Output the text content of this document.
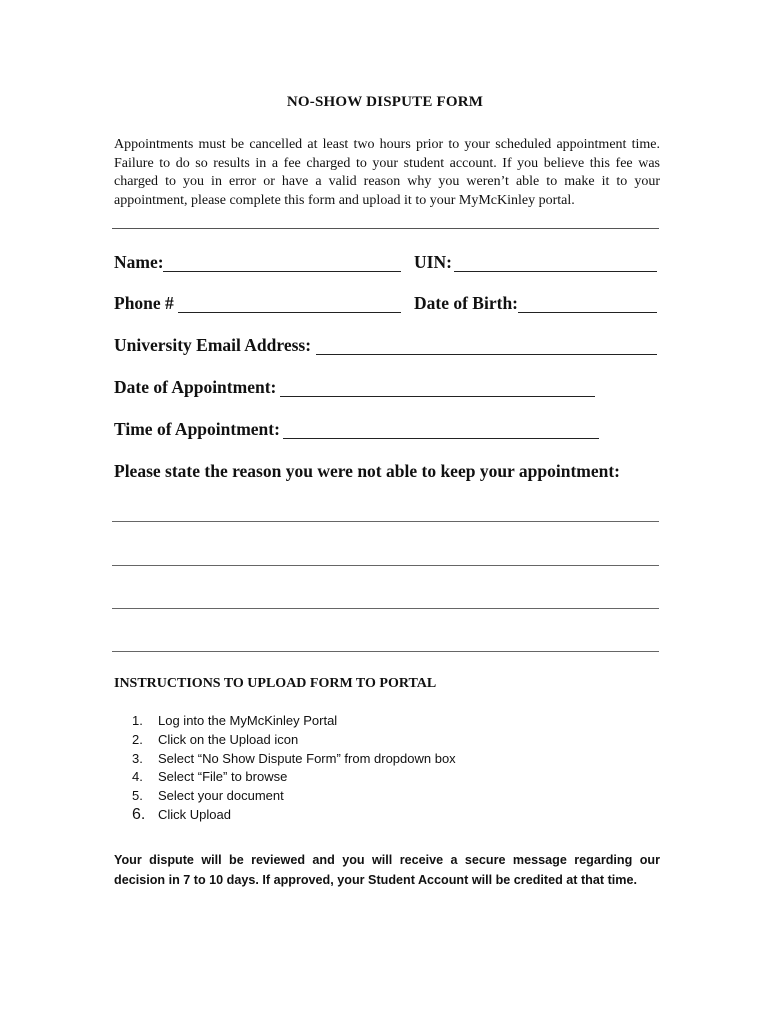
NO-SHOW DISPUTE FORM
Appointments must be cancelled at least two hours prior to your scheduled appointment time. Failure to do so results in a fee charged to your student account. If you believe this fee was charged to you in error or have a valid reason why you weren’t able to make it to your appointment, please complete this form and upload it to your MyMcKinley portal.
Name:	UIN:
Phone #	Date of Birth:
University Email Address:
Date of Appointment:
Time of Appointment:
Please state the reason you were not able to keep your appointment:
INSTRUCTIONS TO UPLOAD FORM TO PORTAL
1. Log into the MyMcKinley Portal
2. Click on the Upload icon
3. Select “No Show Dispute Form” from dropdown box
4. Select “File” to browse
5. Select your document
6. Click Upload
Your dispute will be reviewed and you will receive a secure message regarding our decision in 7 to 10 days. If approved, your Student Account will be credited at that time.
